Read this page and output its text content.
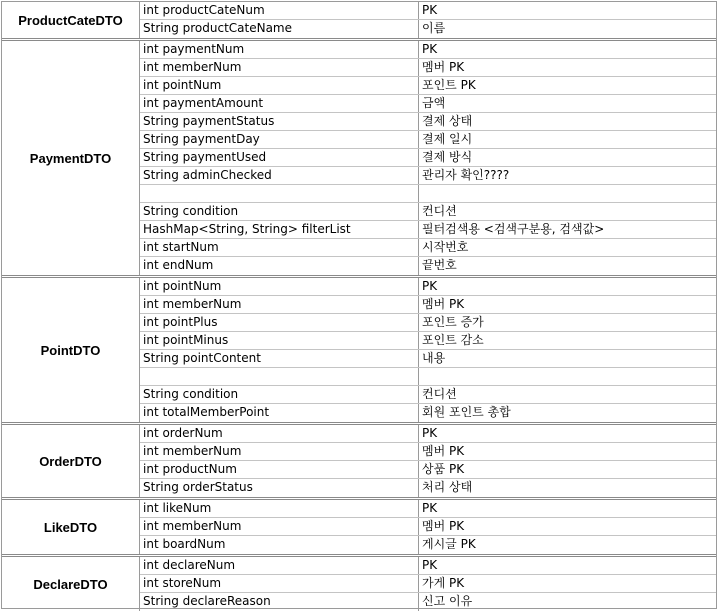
ProductCateDTO
int productCateNum	PK
String productCateName	이름
PaymentDTO
int paymentNum	PK
int memberNum	멤버 PK
int pointNum	포인트 PK
int paymentAmount	금액
String paymentStatus	결제 상태
String paymentDay	결제 일시
String paymentUsed	결제 방식
String adminChecked	관리자 확인????
String condition	컨디션
HashMap<String, String> filterList	필터검색용 <검색구분용, 검색값>
int startNum	시작번호
int endNum	끝번호
PointDTO
int pointNum	PK
int memberNum	멤버 PK
int pointPlus	포인트 증가
int pointMinus	포인트 감소
String pointContent	내용
String condition	컨디션
int totalMemberPoint	회원 포인트 총합
OrderDTO
int orderNum	PK
int memberNum	멤버 PK
int productNum	상품 PK
String orderStatus	처리 상태
LikeDTO
int likeNum	PK
int memberNum	멤버 PK
int boardNum	게시글 PK
DeclareDTO
int declareNum	PK
int storeNum	가게 PK
String declareReason	신고 이유
